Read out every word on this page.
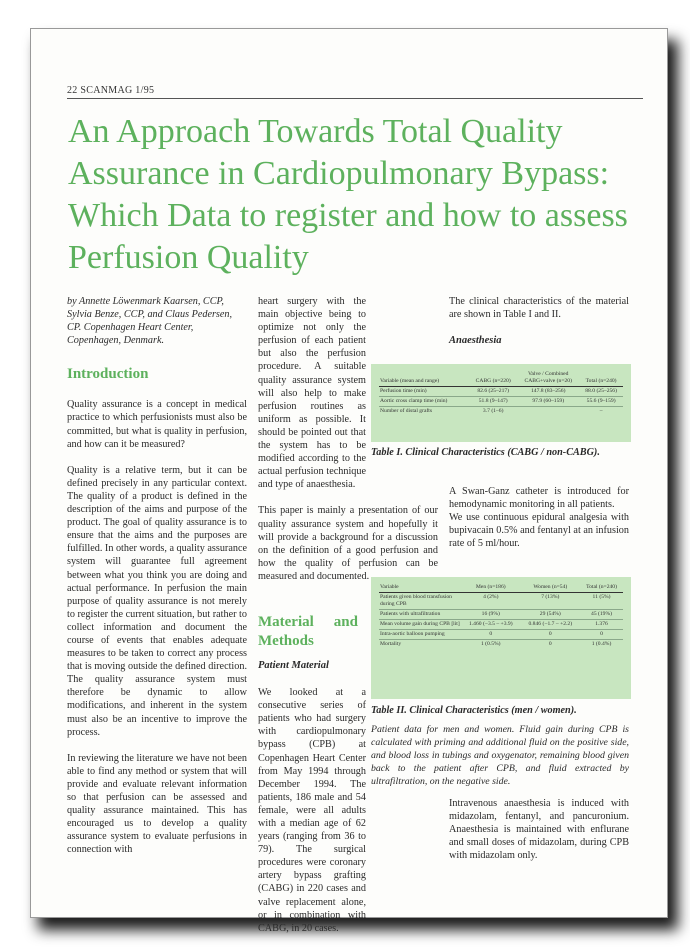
22 SCANMAG 1/95
An Approach Towards Total Quality Assurance in Cardiopulmonary Bypass: Which Data to register and how to assess Perfusion Quality

by Annette Löwenmark Kaarsen, CCP, Sylvia Benze, CCP, and Claus Pedersen, CP. Copenhagen Heart Center, Copenhagen, Denmark.

Introduction

Quality assurance is a concept in medical practice to which perfusionists must also be committed, but what is quality in perfusion, and how can it be measured?

Quality is a relative term, but it can be defined precisely in any particular context. The quality of a product is defined in the description of the aims and purpose of the product. The goal of quality assurance is to ensure that the aims and the purposes are fulfilled. In other words, a quality assurance system will guarantee full agreement between what you think you are doing and actual performance. In perfusion the main purpose of quality assurance is not merely to register the current situation, but rather to collect information and document the course of events that enables adequate measures to be taken to correct any process that is moving outside the defined direction. The quality assurance system must therefore be dynamic to allow modifications, and inherent in the system must also be an incentive to improve the process.

In reviewing the literature we have not been able to find any method or system that will provide and evaluate relevant information so that perfusion can be assessed and quality assurance maintained. This has encouraged us to develop a quality assurance system to evaluate perfusions in connection with

heart surgery with the main objective being to optimize not only the perfusion of each patient but also the perfusion procedure. A suitable quality assurance system will also help to make perfusion routines as uniform as possible. It should be pointed out that the system has to be modified according to the actual perfusion technique and type of anaesthesia.

This paper is mainly a presentation of our quality assurance system and hopefully it will provide a background for a discussion on the definition of a good perfusion and how the quality of perfusion can be measured and documented.

Material and Methods
Patient Material

We looked at a consecutive series of patients who had surgery with cardiopulmonary bypass (CPB) at Copenhagen Heart Center from May 1994 through December 1994. The patients, 186 male and 54 female, were all adults with a median age of 62 years (ranging from 36 to 79). The surgical procedures were coronary artery bypass grafting (CABG) in 220 cases and valve replacement alone, or in combination with CABG, in 20 cases.

The clinical characteristics of the material are shown in Table I and II.

Anaesthesia

A Swan-Ganz catheter is introduced for hemodynamic monitoring in all patients.

We use continuous epidural analgesia with bupivacain 0.5% and fentanyl at an infusion rate of 5 ml/hour.

Intravenous anaesthesia is induced with midazolam, fentanyl, and pancuronium. Anaesthesia is maintained with enflurane and small doses of midazolam, during CPB with midazolam only.

Variable (mean and range)	CABG (n=220)	Valve / Combined CABG+valve (n=20)	Total (n=240)
Perfusion time (min)	82.6 (25–217)	147.8 (83–256)	88.0 (25–256)
Aortic cross clamp time (min)	51.8 (9–147)	97.9 (60–159)	55.6 (9–159)
Number of distal grafts	3.7 (1–6)		–
Table I. Clinical Characteristics (CABG / non-CABG).
Variable	Men (n=186)	Women (n=54)	Total (n=240)
Patients given blood transfusion during CPB	4 (2%)	7 (13%)	11 (5%)
Patients with ultrafiltration	16 (9%)	29 (54%)	45 (19%)
Mean volume gain during CPB [lit]	1.460 (−3.5 – +3.9)	0.846 (−1.7 – +2.2)	1.376
Intra-aortic balloon pumping	0	0	0
Mortality	1 (0.5%)	0	1 (0.4%)
Table II. Clinical Characteristics (men / women).
Patient data for men and women. Fluid gain during CPB is calculated with priming and additional fluid on the positive side, and blood loss in tubings and oxygenator, remaining blood given back to the patient after CPB, and fluid extracted by ultrafiltration, on the negative side.
